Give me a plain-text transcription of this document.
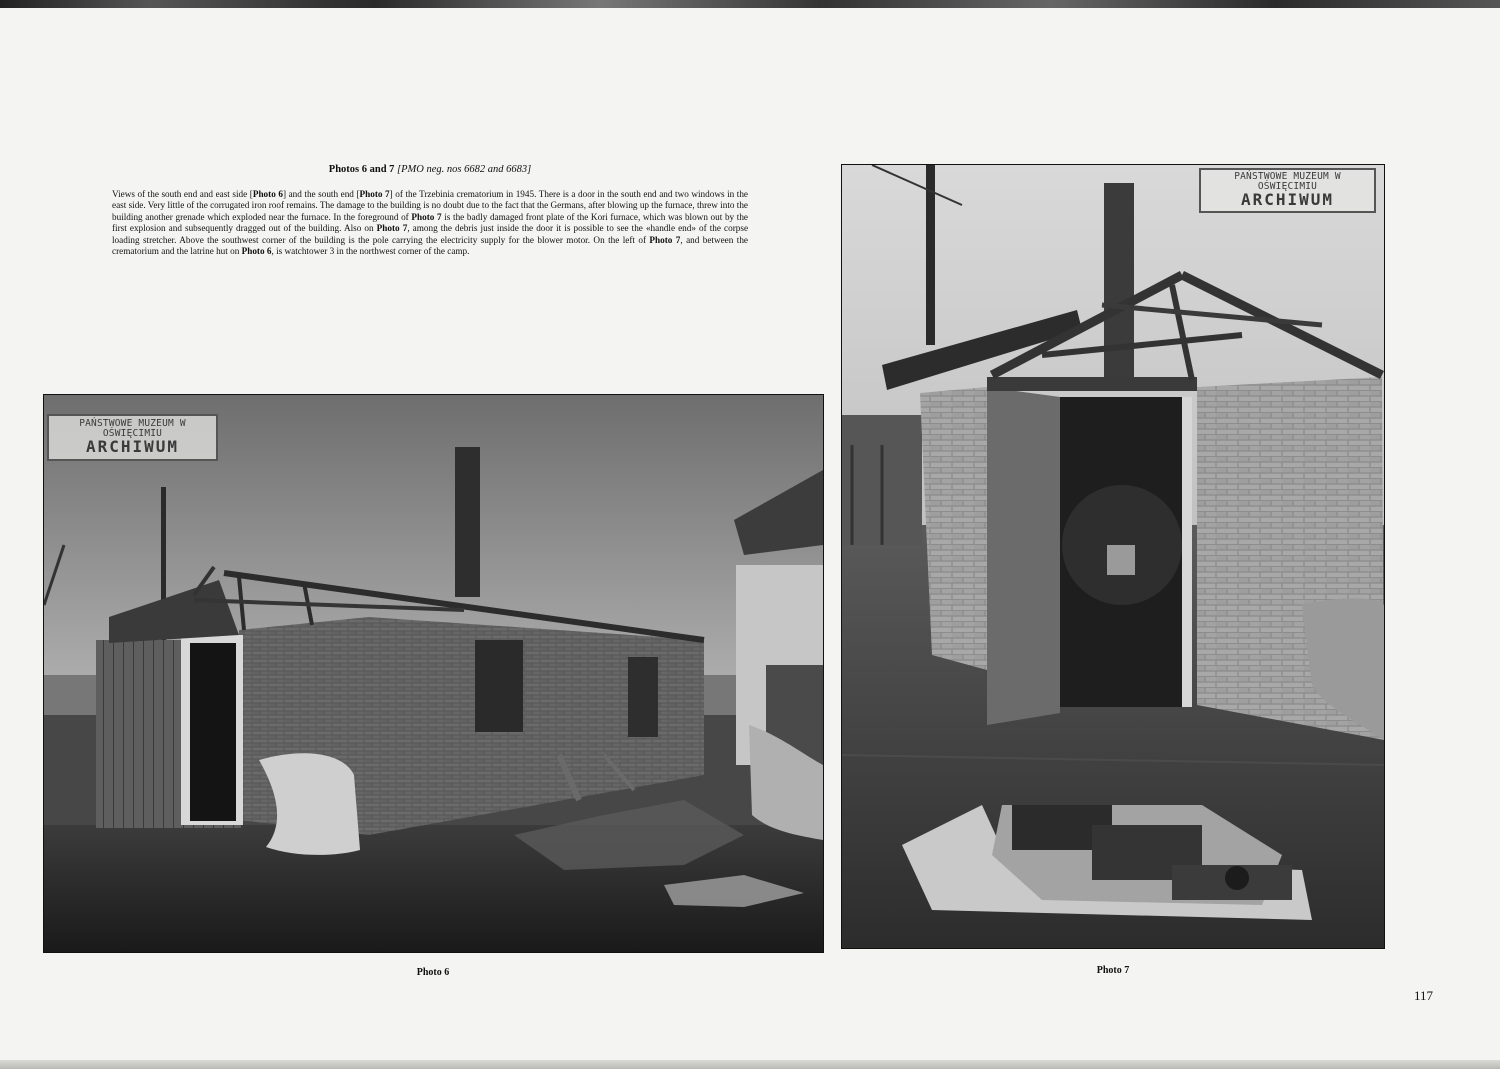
Photos 6 and 7 [PMO neg. nos 6682 and 6683]

Views of the south end and east side [Photo 6] and the south end [Photo 7] of the Trzebinia crematorium in 1945. There is a door in the south end and two windows in the east side. Very little of the corrugated iron roof remains. The damage to the building is no doubt due to the fact that the Germans, after blowing up the furnace, threw into the building another grenade which exploded near the furnace. In the foreground of Photo 7 is the badly damaged front plate of the Kori furnace, which was blown out by the first explosion and subsequently dragged out of the building. Also on Photo 7, among the debris just inside the door it is possible to see the «handle end» of the corpse loading stretcher. Above the southwest corner of the building is the pole carrying the electricity supply for the blower motor. On the left of Photo 7, and between the crematorium and the latrine hut on Photo 6, is watchtower 3 in the northwest corner of the camp.

PAŃSTWOWE MUZEUM W OŚWIĘCIMIU
ARCHIWUM
PAŃSTWOWE MUZEUM W OŚWIĘCIMIU
ARCHIWUM
Photo 6	Photo 7
117
